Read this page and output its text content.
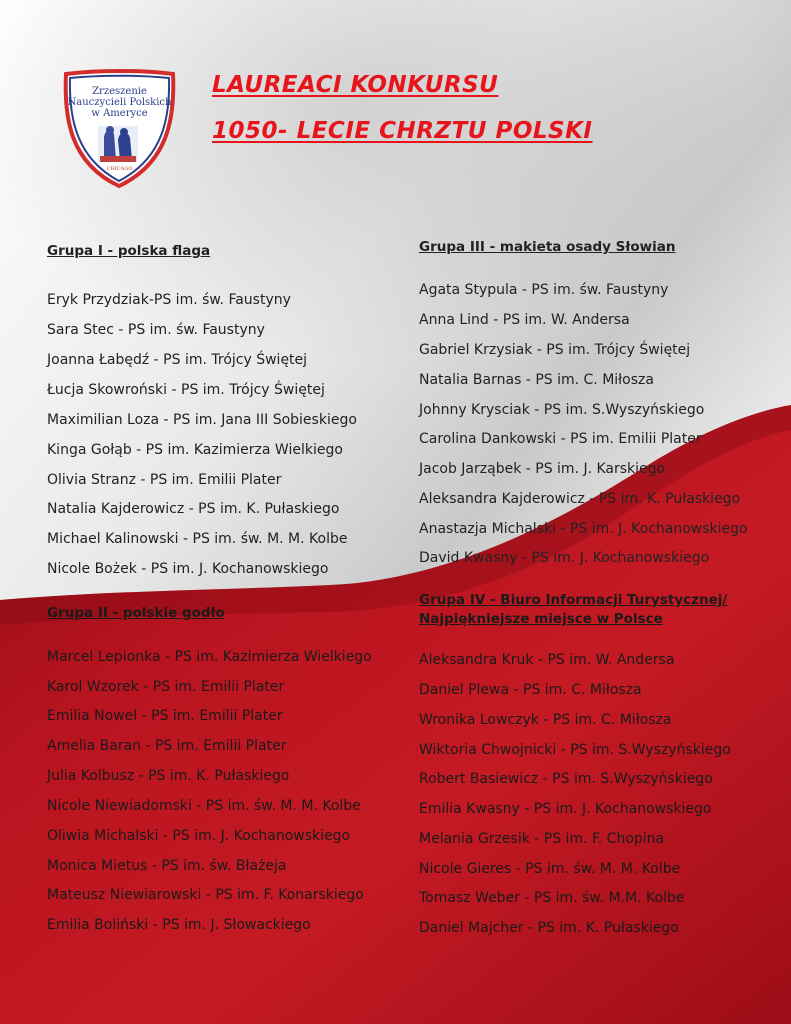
Zrzeszenie
Nauczycieli Polskich
w Ameryce
CHICAGO
LAUREACI KONKURSU
1050- LECIE CHRZTU POLSKI
Grupa I - polska flaga
Eryk Przydziak-PS im. św. Faustyny
Sara Stec - PS im. św. Faustyny
Joanna Łabędź - PS im. Trójcy Świętej
Łucja Skowroński - PS im. Trójcy Świętej
Maximilian Loza - PS im. Jana III Sobieskiego
Kinga Gołąb - PS im. Kazimierza Wielkiego
Olivia Stranz - PS im. Emilii Plater
Natalia Kajderowicz - PS im. K. Pułaskiego
Michael Kalinowski - PS im. św. M. M. Kolbe
Nicole Bożek - PS im. J. Kochanowskiego
Grupa II - polskie godło
Marcel Lepionka - PS im. Kazimierza Wielkiego
Karol Wzorek - PS im. Emilii Plater
Emilia Nowel - PS im. Emilii Plater
Amelia Baran - PS im. Emilii Plater
Julia Kolbusz - PS im. K. Pułaskiego
Nicole Niewiadomski - PS im. św. M. M. Kolbe
Oliwia Michalski - PS im. J. Kochanowskiego
Monica Mietus - PS im. św. Błażeja
Mateusz Niewiarowski - PS im. F. Konarskiego
Emilia Boliński - PS im. J. Słowackiego
Grupa III - makieta osady Słowian
Agata Stypula - PS im. św. Faustyny
Anna Lind - PS im. W. Andersa
Gabriel Krzysiak - PS im. Trójcy Świętej
Natalia Barnas - PS im. C. Miłosza
Johnny Krysciak - PS im. S.Wyszyńskiego
Carolina Dankowski - PS im. Emilii Plater
Jacob Jarząbek - PS im. J. Karskiego
Aleksandra Kajderowicz - PS im. K. Pułaskiego
Anastazja Michalski - PS im. J. Kochanowskiego
David Kwasny - PS im. J. Kochanowskiego
Grupa IV - Biuro Informacji Turystycznej/
Najpiękniejsze miejsce w Polsce
Aleksandra Kruk - PS im. W. Andersa
Daniel Plewa - PS im. C. Miłosza
Wronika Lowczyk - PS im. C. Miłosza
Wiktoria Chwojnicki - PS im. S.Wyszyńskiego
Robert Basiewicz - PS im. S.Wyszyńskiego
Emilia Kwasny - PS im. J. Kochanowskiego
Melania Grzesik - PS im. F. Chopina
Nicole Gieres - PS im. św. M. M. Kolbe
Tomasz Weber - PS im. św. M.M. Kolbe
Daniel Majcher - PS im. K. Pułaskiego
